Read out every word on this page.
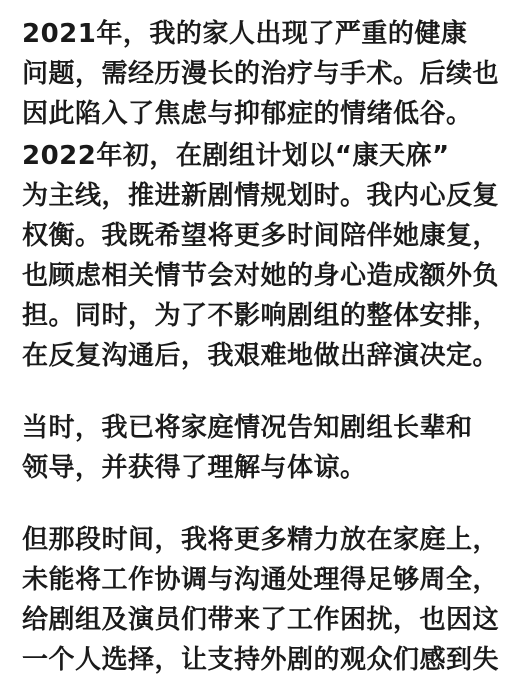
2021年，我的家人出现了严重的健康
问题，需经历漫长的治疗与手术。后续也
因此陷入了焦虑与抑郁症的情绪低谷。
2022年初，在剧组计划以“康天庥”
为主线，推进新剧情规划时。我内心反复
权衡。我既希望将更多时间陪伴她康复，
也顾虑相关情节会对她的身心造成额外负
担。同时，为了不影响剧组的整体安排，
在反复沟通后，我艰难地做出辞演决定。
当时，我已将家庭情况告知剧组长辈和
领导，并获得了理解与体谅。
但那段时间，我将更多精力放在家庭上，
未能将工作协调与沟通处理得足够周全，
给剧组及演员们带来了工作困扰，也因这
一个人选择，让支持外剧的观众们感到失
